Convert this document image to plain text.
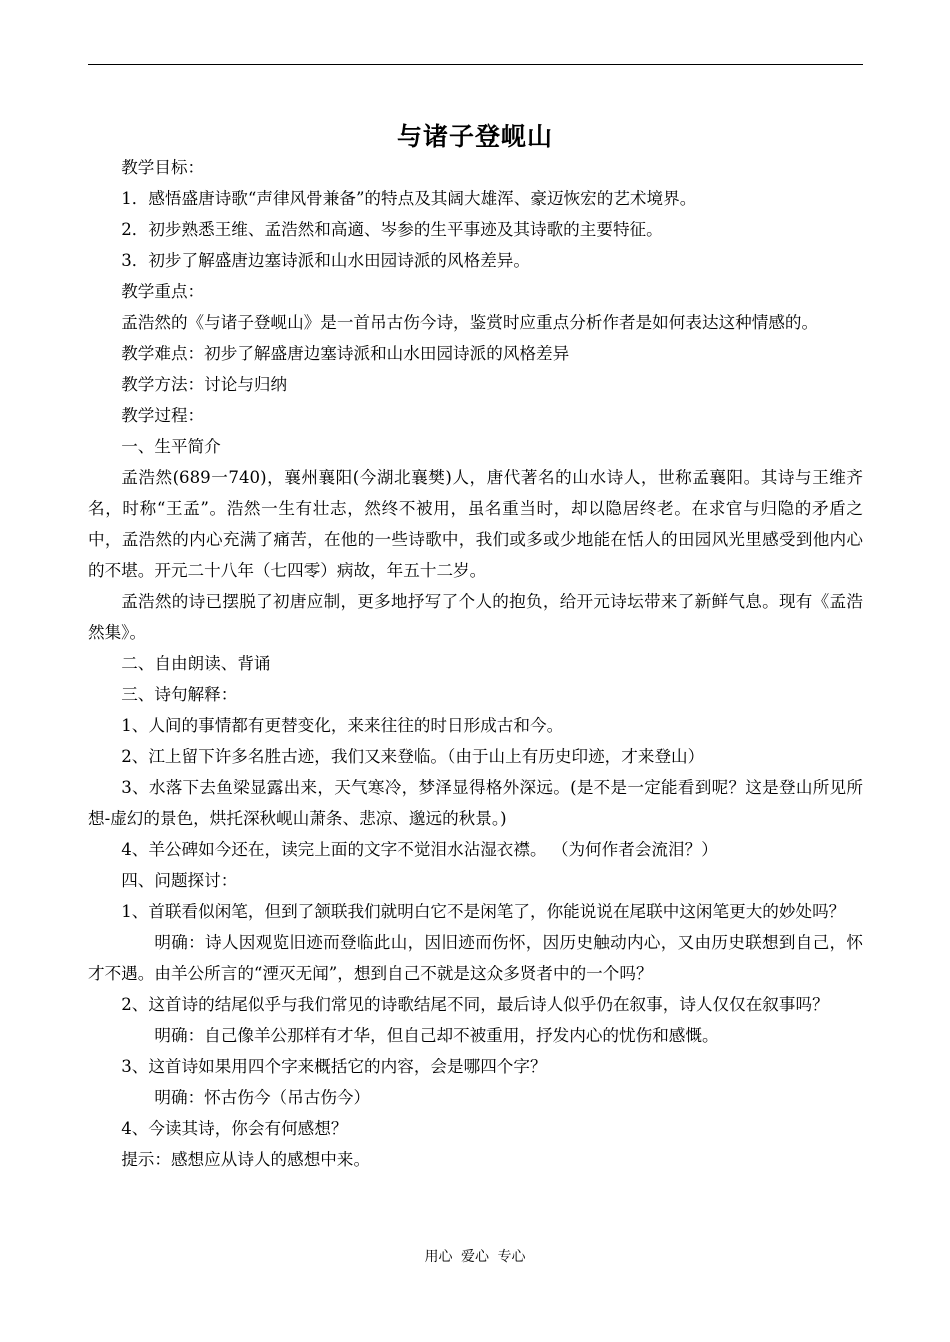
与诸子登岘山

教学目标：

1．感悟盛唐诗歌“声律风骨兼备”的特点及其阔大雄浑、豪迈恢宏的艺术境界。

2．初步熟悉王维、孟浩然和高適、岑参的生平事迹及其诗歌的主要特征。

3．初步了解盛唐边塞诗派和山水田园诗派的风格差异。

教学重点：

孟浩然的《与诸子登岘山》是一首吊古伤今诗，鉴赏时应重点分析作者是如何表达这种情感的。

教学难点：初步了解盛唐边塞诗派和山水田园诗派的风格差异

教学方法：讨论与归纳

教学过程：

一、生平简介

孟浩然(689一740)，襄州襄阳(今湖北襄樊)人，唐代著名的山水诗人，世称孟襄阳。其诗与王维齐名，时称“王孟”。浩然一生有壮志，然终不被用，虽名重当时，却以隐居终老。在求官与归隐的矛盾之中，孟浩然的内心充满了痛苦，在他的一些诗歌中，我们或多或少地能在恬人的田园风光里感受到他内心的不堪。开元二十八年（七四零）病故，年五十二岁。

孟浩然的诗已摆脱了初唐应制，更多地抒写了个人的抱负，给开元诗坛带来了新鲜气息。现有《孟浩然集》。

二、自由朗读、背诵

三、诗句解释：

1、人间的事情都有更替变化，来来往往的时日形成古和今。

2、江上留下许多名胜古迹，我们又来登临。（由于山上有历史印迹，才来登山）

3、水落下去鱼梁显露出来，天气寒冷，梦泽显得格外深远。(是不是一定能看到呢？这是登山所见所想-虚幻的景色，烘托深秋岘山萧条、悲凉、邈远的秋景。)

4、羊公碑如今还在，读完上面的文字不觉泪水沾湿衣襟。 （为何作者会流泪？）

四、问题探讨：

1、首联看似闲笔，但到了颔联我们就明白它不是闲笔了，你能说说在尾联中这闲笔更大的妙处吗？

明确：诗人因观览旧迹而登临此山，因旧迹而伤怀，因历史触动内心，又由历史联想到自己，怀才不遇。由羊公所言的“湮灭无闻”，想到自己不就是这众多贤者中的一个吗？

2、这首诗的结尾似乎与我们常见的诗歌结尾不同，最后诗人似乎仍在叙事，诗人仅仅在叙事吗？

明确：自己像羊公那样有才华，但自己却不被重用，抒发内心的忧伤和感慨。

3、这首诗如果用四个字来概括它的内容，会是哪四个字？

明确：怀古伤今（吊古伤今）

4、今读其诗，你会有何感想？

提示：感想应从诗人的感想中来。

用心 爱心 专心
